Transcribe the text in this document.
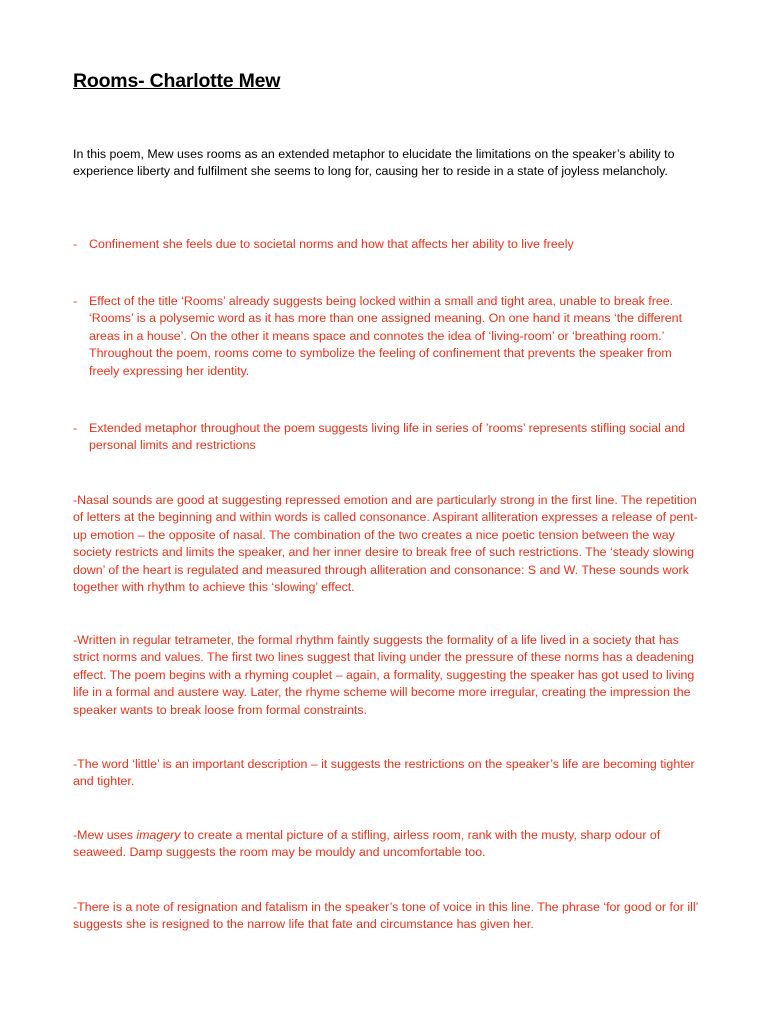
Rooms- Charlotte Mew
In this poem, Mew uses rooms as an extended metaphor to elucidate the limitations on the speaker’s ability to experience liberty and fulfilment she seems to long for, causing her to reside in a state of joyless melancholy.
- Confinement she feels due to societal norms and how that affects her ability to live freely
- Effect of the title ‘Rooms’ already suggests being locked within a small and tight area, unable to break free. ‘Rooms’ is a polysemic word as it has more than one assigned meaning. On one hand it means ‘the different areas in a house’. On the other it means space and connotes the idea of ‘living-room’ or ‘breathing room.’ Throughout the poem, rooms come to symbolize the feeling of confinement that prevents the speaker from freely expressing her identity.
- Extended metaphor throughout the poem suggests living life in series of ’rooms’ represents stifling social and personal limits and restrictions
-Nasal sounds are good at suggesting repressed emotion and are particularly strong in the first line. The repetition of letters at the beginning and within words is called consonance. Aspirant alliteration expresses a release of pent-up emotion – the opposite of nasal. The combination of the two creates a nice poetic tension between the way society restricts and limits the speaker, and her inner desire to break free of such restrictions. The ‘steady slowing down’ of the heart is regulated and measured through alliteration and consonance: S and W. These sounds work together with rhythm to achieve this ‘slowing’ effect.
-Written in regular tetrameter, the formal rhythm faintly suggests the formality of a life lived in a society that has strict norms and values. The first two lines suggest that living under the pressure of these norms has a deadening effect. The poem begins with a rhyming couplet – again, a formality, suggesting the speaker has got used to living life in a formal and austere way. Later, the rhyme scheme will become more irregular, creating the impression the speaker wants to break loose from formal constraints.
-The word ‘little’ is an important description – it suggests the restrictions on the speaker’s life are becoming tighter and tighter.
-Mew uses imagery to create a mental picture of a stifling, airless room, rank with the musty, sharp odour of seaweed. Damp suggests the room may be mouldy and uncomfortable too.
-There is a note of resignation and fatalism in the speaker’s tone of voice in this line. The phrase ‘for good or for ill’ suggests she is resigned to the narrow life that fate and circumstance has given her.
